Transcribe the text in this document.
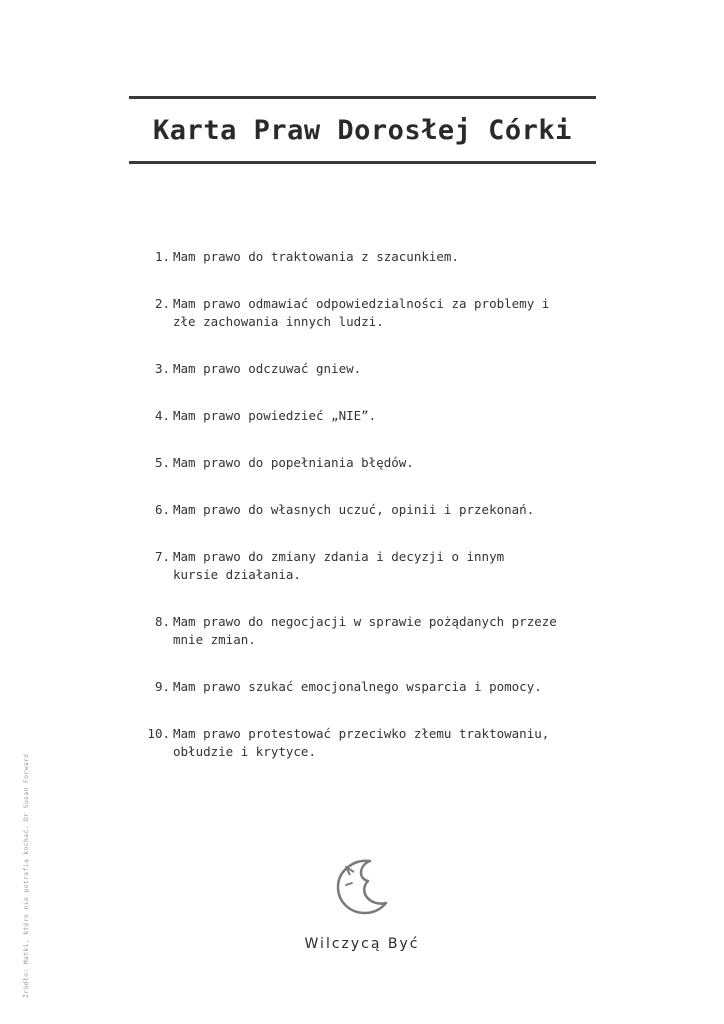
Karta Praw Dorosłej Córki
1. Mam prawo do traktowania z szacunkiem.
2. Mam prawo odmawiać odpowiedzialności za problemy i złe zachowania innych ludzi.
3. Mam prawo odczuwać gniew.
4. Mam prawo powiedzieć „NIE”.
5. Mam prawo do popełniania błędów.
6. Mam prawo do własnych uczuć, opinii i przekonań.
7. Mam prawo do zmiany zdania i decyzji o innym kursie działania.
8. Mam prawo do negocjacji w sprawie pożądanych przeze mnie zmian.
9. Mam prawo szukać emocjonalnego wsparcia i pomocy.
10. Mam prawo protestować przeciwko złemu traktowaniu, obłudzie i krytyce.
Źródło: Matki, które nie potrafią kochać. Dr Susan Forward	Wilczycą Być
